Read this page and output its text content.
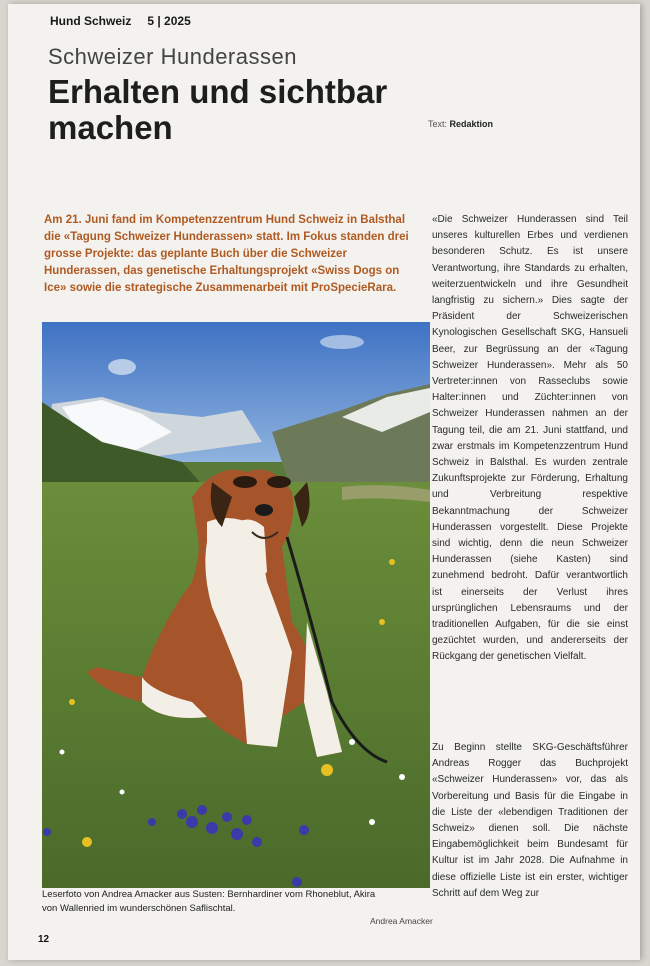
Hund Schweiz 5 | 2025
Schweizer Hunderassen
Erhalten und sichtbar machen	Text: Redaktion

Am 21. Juni fand im Kompetenzzentrum Hund Schweiz in Balsthal die «Tagung Schweizer Hunderassen» statt. Im Fokus standen drei grosse Projekte: das geplante Buch über die Schweizer Hunderassen, das genetische Erhaltungsprojekt «Swiss Dogs on Ice» sowie die strategische Zusammenarbeit mit ProSpecieRara.

Leserfoto von Andrea Amacker aus Susten: Bernhardiner vom Rhoneblut, Akira von Wallenried im wunderschönen Saflischtal.
Andrea Amacker
12

«Die Schweizer Hunderassen sind Teil unseres kulturellen Erbes und verdienen besonderen Schutz. Es ist unsere Verantwortung, ihre Standards zu erhalten, weiterzuentwickeln und ihre Gesundheit langfristig zu sichern.» Dies sagte der Präsident der Schweizerischen Kynologischen Gesellschaft SKG, Hansueli Beer, zur Begrüssung an der «Tagung Schweizer Hunderassen». Mehr als 50 Vertreter:innen von Rasseclubs sowie Halter:innen und Züchter:innen von Schweizer Hunderassen nahmen an der Tagung teil, die am 21. Juni stattfand, und zwar erstmals im Kompetenzzentrum Hund Schweiz in Balsthal. Es wurden zentrale Zukunftsprojekte zur Förderung, Erhaltung und Verbreitung respektive Bekanntmachung der Schweizer Hunderassen vorgestellt. Diese Projekte sind wichtig, denn die neun Schweizer Hunderassen (siehe Kasten) sind zunehmend bedroht. Dafür verantwortlich ist einerseits der Verlust ihres ursprünglichen Lebensraums und der traditionellen Aufgaben, für die sie einst gezüchtet wurden, und andererseits der Rückgang der genetischen Vielfalt.

Zu Beginn stellte SKG-Geschäftsführer Andreas Rogger das Buchprojekt «Schweizer Hunderassen» vor, das als Vorbereitung und Basis für die Eingabe in die Liste der «lebendigen Traditionen der Schweiz» dienen soll. Die nächste Eingabemöglichkeit beim Bundesamt für Kultur ist im Jahr 2028. Die Aufnahme in diese offizielle Liste ist ein erster, wichtiger Schritt auf dem Weg zur
